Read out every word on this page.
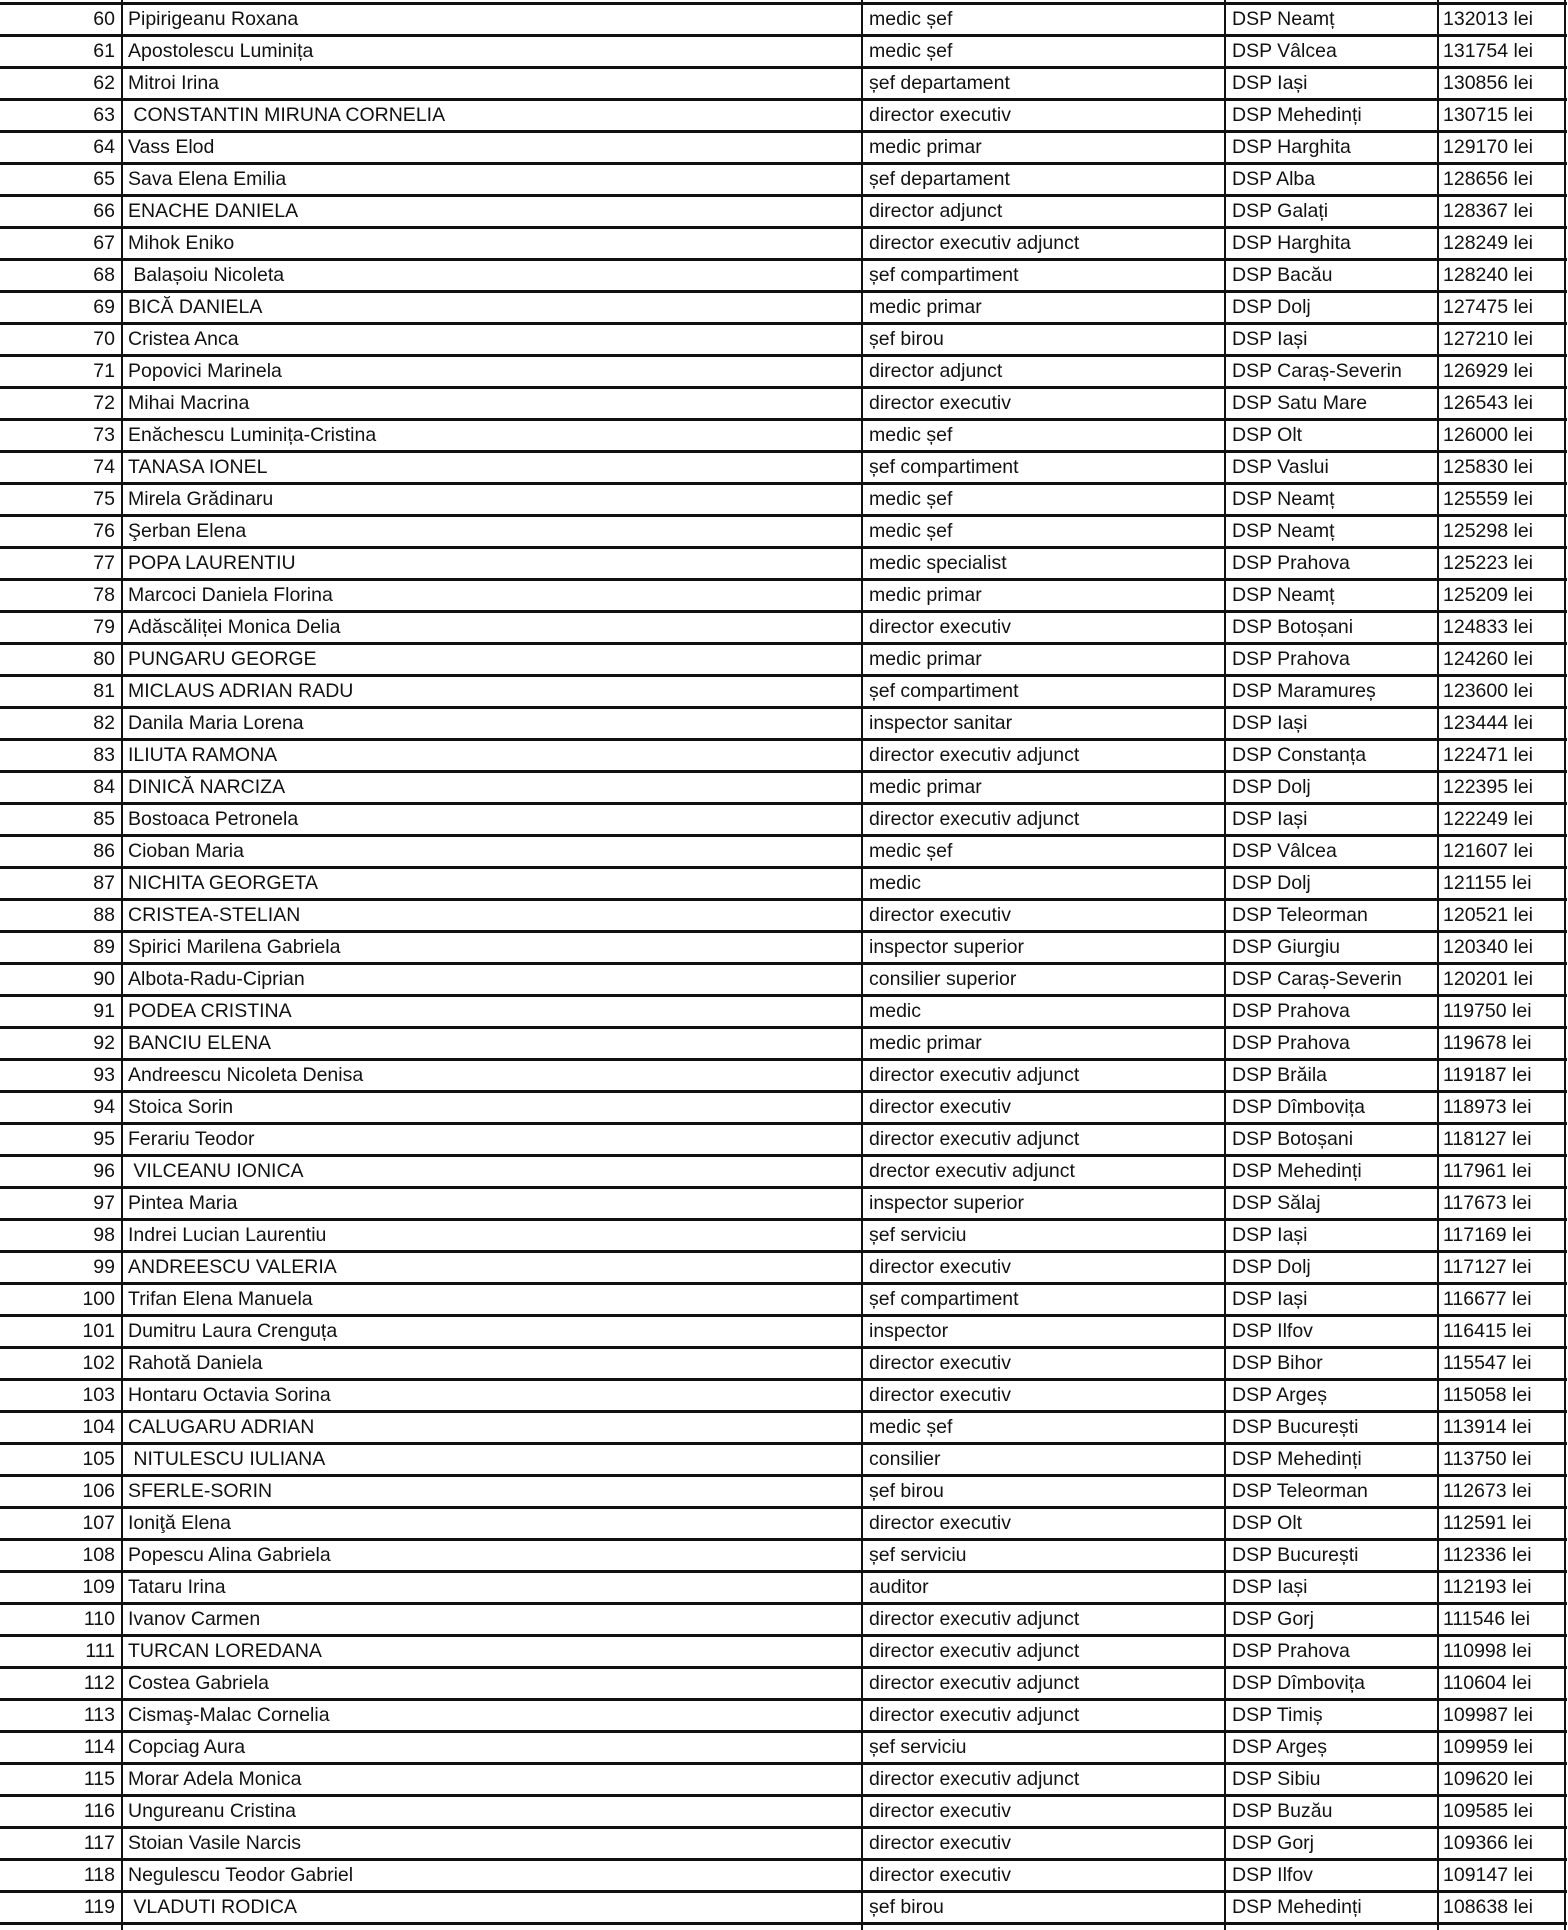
60 Pipirigeanu Roxana	medic șef	DSP Neamț	132013 lei
61 Apostolescu Luminița	medic șef	DSP Vâlcea	131754 lei
62 Mitroi Irina	șef departament	DSP Iași	130856 lei
63 CONSTANTIN MIRUNA CORNELIA	director executiv	DSP Mehedinți	130715 lei
64 Vass Elod	medic primar	DSP Harghita	129170 lei
65 Sava Elena Emilia	șef departament	DSP Alba	128656 lei
66 ENACHE DANIELA	director adjunct	DSP Galați	128367 lei
67 Mihok Eniko	director executiv adjunct	DSP Harghita	128249 lei
68 Balașoiu Nicoleta	șef compartiment	DSP Bacău	128240 lei
69 BICĂ DANIELA	medic primar	DSP Dolj	127475 lei
70 Cristea Anca	șef birou	DSP Iași	127210 lei
71 Popovici Marinela	director adjunct	DSP Caraș-Severin	126929 lei
72 Mihai Macrina	director executiv	DSP Satu Mare	126543 lei
73 Enăchescu Luminița-Cristina	medic șef	DSP Olt	126000 lei
74 TANASA IONEL	șef compartiment	DSP Vaslui	125830 lei
75 Mirela Grădinaru	medic șef	DSP Neamț	125559 lei
76 Şerban Elena	medic șef	DSP Neamț	125298 lei
77 POPA LAURENTIU	medic specialist	DSP Prahova	125223 lei
78 Marcoci Daniela Florina	medic primar	DSP Neamț	125209 lei
79 Adăscăliței Monica Delia	director executiv	DSP Botoșani	124833 lei
80 PUNGARU GEORGE	medic primar	DSP Prahova	124260 lei
81 MICLAUS ADRIAN RADU	șef compartiment	DSP Maramureș	123600 lei
82 Danila Maria Lorena	inspector sanitar	DSP Iași	123444 lei
83 ILIUTA RAMONA	director executiv adjunct	DSP Constanța	122471 lei
84 DINICĂ NARCIZA	medic primar	DSP Dolj	122395 lei
85 Bostoaca Petronela	director executiv adjunct	DSP Iași	122249 lei
86 Cioban Maria	medic șef	DSP Vâlcea	121607 lei
87 NICHITA GEORGETA	medic	DSP Dolj	121155 lei
88 CRISTEA-STELIAN	director executiv	DSP Teleorman	120521 lei
89 Spirici Marilena Gabriela	inspector superior	DSP Giurgiu	120340 lei
90 Albota-Radu-Ciprian	consilier superior	DSP Caraș-Severin	120201 lei
91 PODEA CRISTINA	medic	DSP Prahova	119750 lei
92 BANCIU ELENA	medic primar	DSP Prahova	119678 lei
93 Andreescu Nicoleta Denisa	director executiv adjunct	DSP Brăila	119187 lei
94 Stoica Sorin	director executiv	DSP Dîmbovița	118973 lei
95 Ferariu Teodor	director executiv adjunct	DSP Botoșani	118127 lei
96 VILCEANU IONICA	drector executiv adjunct	DSP Mehedinți	117961 lei
97 Pintea Maria	inspector superior	DSP Sălaj	117673 lei
98 Indrei Lucian Laurentiu	șef serviciu	DSP Iași	117169 lei
99 ANDREESCU VALERIA	director executiv	DSP Dolj	117127 lei
100 Trifan Elena Manuela	șef compartiment	DSP Iași	116677 lei
101 Dumitru Laura Crenguța	inspector	DSP Ilfov	116415 lei
102 Rahotă Daniela	director executiv	DSP Bihor	115547 lei
103 Hontaru Octavia Sorina	director executiv	DSP Argeș	115058 lei
104 CALUGARU ADRIAN	medic șef	DSP București	113914 lei
105 NITULESCU IULIANA	consilier	DSP Mehedinți	113750 lei
106 SFERLE-SORIN	șef birou	DSP Teleorman	112673 lei
107 Ioniţă Elena	director executiv	DSP Olt	112591 lei
108 Popescu Alina Gabriela	șef serviciu	DSP București	112336 lei
109 Tataru Irina	auditor	DSP Iași	112193 lei
110 Ivanov Carmen	director executiv adjunct	DSP Gorj	111546 lei
111 TURCAN LOREDANA	director executiv adjunct	DSP Prahova	110998 lei
112 Costea Gabriela	director executiv adjunct	DSP Dîmbovița	110604 lei
113 Cismaş-Malac Cornelia	director executiv adjunct	DSP Timiș	109987 lei
114 Copciag Aura	șef serviciu	DSP Argeș	109959 lei
115 Morar Adela Monica	director executiv adjunct	DSP Sibiu	109620 lei
116 Ungureanu Cristina	director executiv	DSP Buzău	109585 lei
117 Stoian Vasile Narcis	director executiv	DSP Gorj	109366 lei
118 Negulescu Teodor Gabriel	director executiv	DSP Ilfov	109147 lei
119 VLADUTI RODICA	șef birou	DSP Mehedinți	108638 lei
